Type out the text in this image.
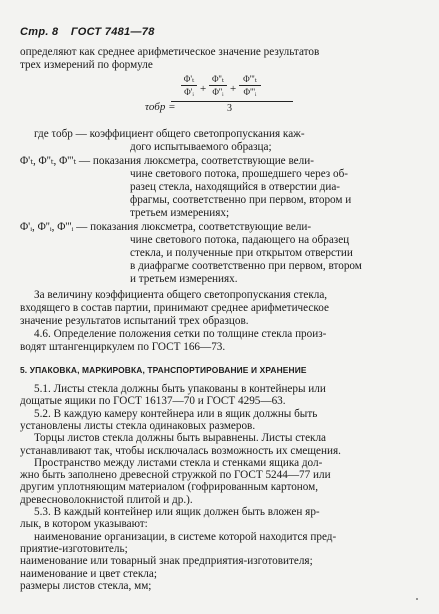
Стр. 8 ГОСТ 7481—78
определяют как среднее арифметическое значение результатов
трех измерений по формуле
τобр =
Φ'ₜ
Φ'ᵢ +
Φ''ₜ
Φ''ᵢ +
Φ'''ₜ
Φ'''ᵢ
3
где τобр — коэффициент общего светопропускания каж-
дого испытываемого образца;
Φ'ₜ, Φ''ₜ, Φ'''ₜ — показания люксметра, соответствующие вели-
чине светового потока, прошедшего через об-
разец стекла, находящийся в отверстии диа-
фрагмы, соответственно при первом, втором и
третьем измерениях;
Φ'ᵢ, Φ''ᵢ, Φ'''ᵢ — показания люксметра, соответствующие вели-
чине светового потока, падающего на образец
стекла, и полученные при открытом отверстии
в диафрагме соответственно при первом, втором
и третьем измерениях.
За величину коэффициента общего светопропускания стекла,
входящего в состав партии, принимают среднее арифметическое
значение результатов испытаний трех образцов.
4.6. Определение положения сетки по толщине стекла произ-
водят штангенциркулем по ГОСТ 166—73.
5. УПАКОВКА, МАРКИРОВКА, ТРАНСПОРТИРОВАНИЕ И ХРАНЕНИЕ
5.1. Листы стекла должны быть упакованы в контейнеры или
дощатые ящики по ГОСТ 16137—70 и ГОСТ 4295—63.
5.2. В каждую камеру контейнера или в ящик должны быть
установлены листы стекла одинаковых размеров.
Торцы листов стекла должны быть выравнены. Листы стекла
устанавливают так, чтобы исключалась возможность их смещения.
Пространство между листами стекла и стенками ящика дол-
жно быть заполнено древесной стружкой по ГОСТ 5244—77 или
другим уплотняющим материалом (гофрированным картоном,
древесноволокнистой плитой и др.).
5.3. В каждый контейнер или ящик должен быть вложен яр-
лык, в котором указывают:
наименование организации, в системе которой находится пред-
приятие-изготовитель;
наименование или товарный знак предприятия-изготовителя;
наименование и цвет стекла;
размеры листов стекла, мм;
